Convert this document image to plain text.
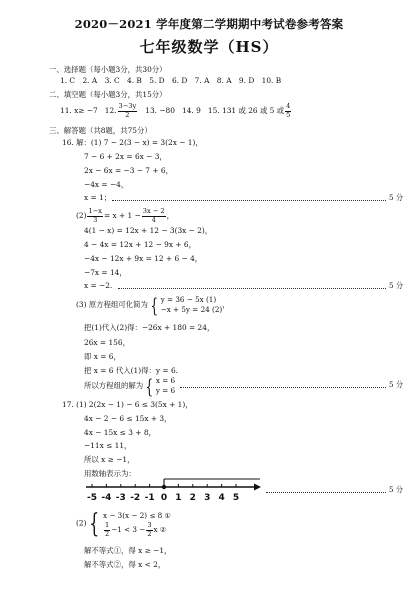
2020－2021 学年度第二学期期中考试卷参考答案
七年级数学（HS）
一、选择题（每小题3分，共30分）
1. C　2. A　3. C　4. B　5. D　6. D　7. A　8. A　9. D　10. B
二、填空题（每小题3分，共15分）
11. x≥ −7 12. $\frac{3-3y}{2} 13$. −80 14. 9 15. 131 或 26 或 5 或 $\frac{4}{5}$
三、解答题（共8题，共75分）
16. 解：(1) 7 − 2(3 − x) = 3(2x − 1)，
7 − 6 + 2x = 6x − 3，
2x − 6x = −3 − 7 + 6，
−4x = −4，
x = 1；	5 分
$(2) \frac{1-x}{3} = x + 1 - \frac{3x - 2}{4}$ ，
4(1 − x) = 12x + 12 − 3(3x − 2)，
4 − 4x = 12x + 12 − 9x + 6，
−4x − 12x + 9x = 12 + 6 − 4，
−7x = 14，
x = −2.	5 分
(3) 原方程组可化简为 { y = 36 − 5x (1)
−x + 5y = 24 (2)
，
把(1)代入(2)得：−26x + 180 = 24，
26x = 156，
即 x = 6，
把 x = 6 代入(1)得：y = 6.
所以方程组的解为 { x = 6
y = 6
5 分
17. (1) 2(2x − 1) − 6 ≤ 3(5x + 1)，
4x − 2 − 6 ≤ 15x + 3，
4x − 15x ≤ 3 + 8，
−11x ≤ 11，
所以 x ≥ −1，
用数轴表示为：
-5 -4 -3 -2 -1 0 1 2 3 4 5
5 分
(2) { x − 3(x − 2) ≤ 8 ①
$\frac{1}{2} -1 < 3 - \frac{3}{2}$ x ②
解不等式①，得 x ≥ −1，
解不等式②，得 x < 2，
